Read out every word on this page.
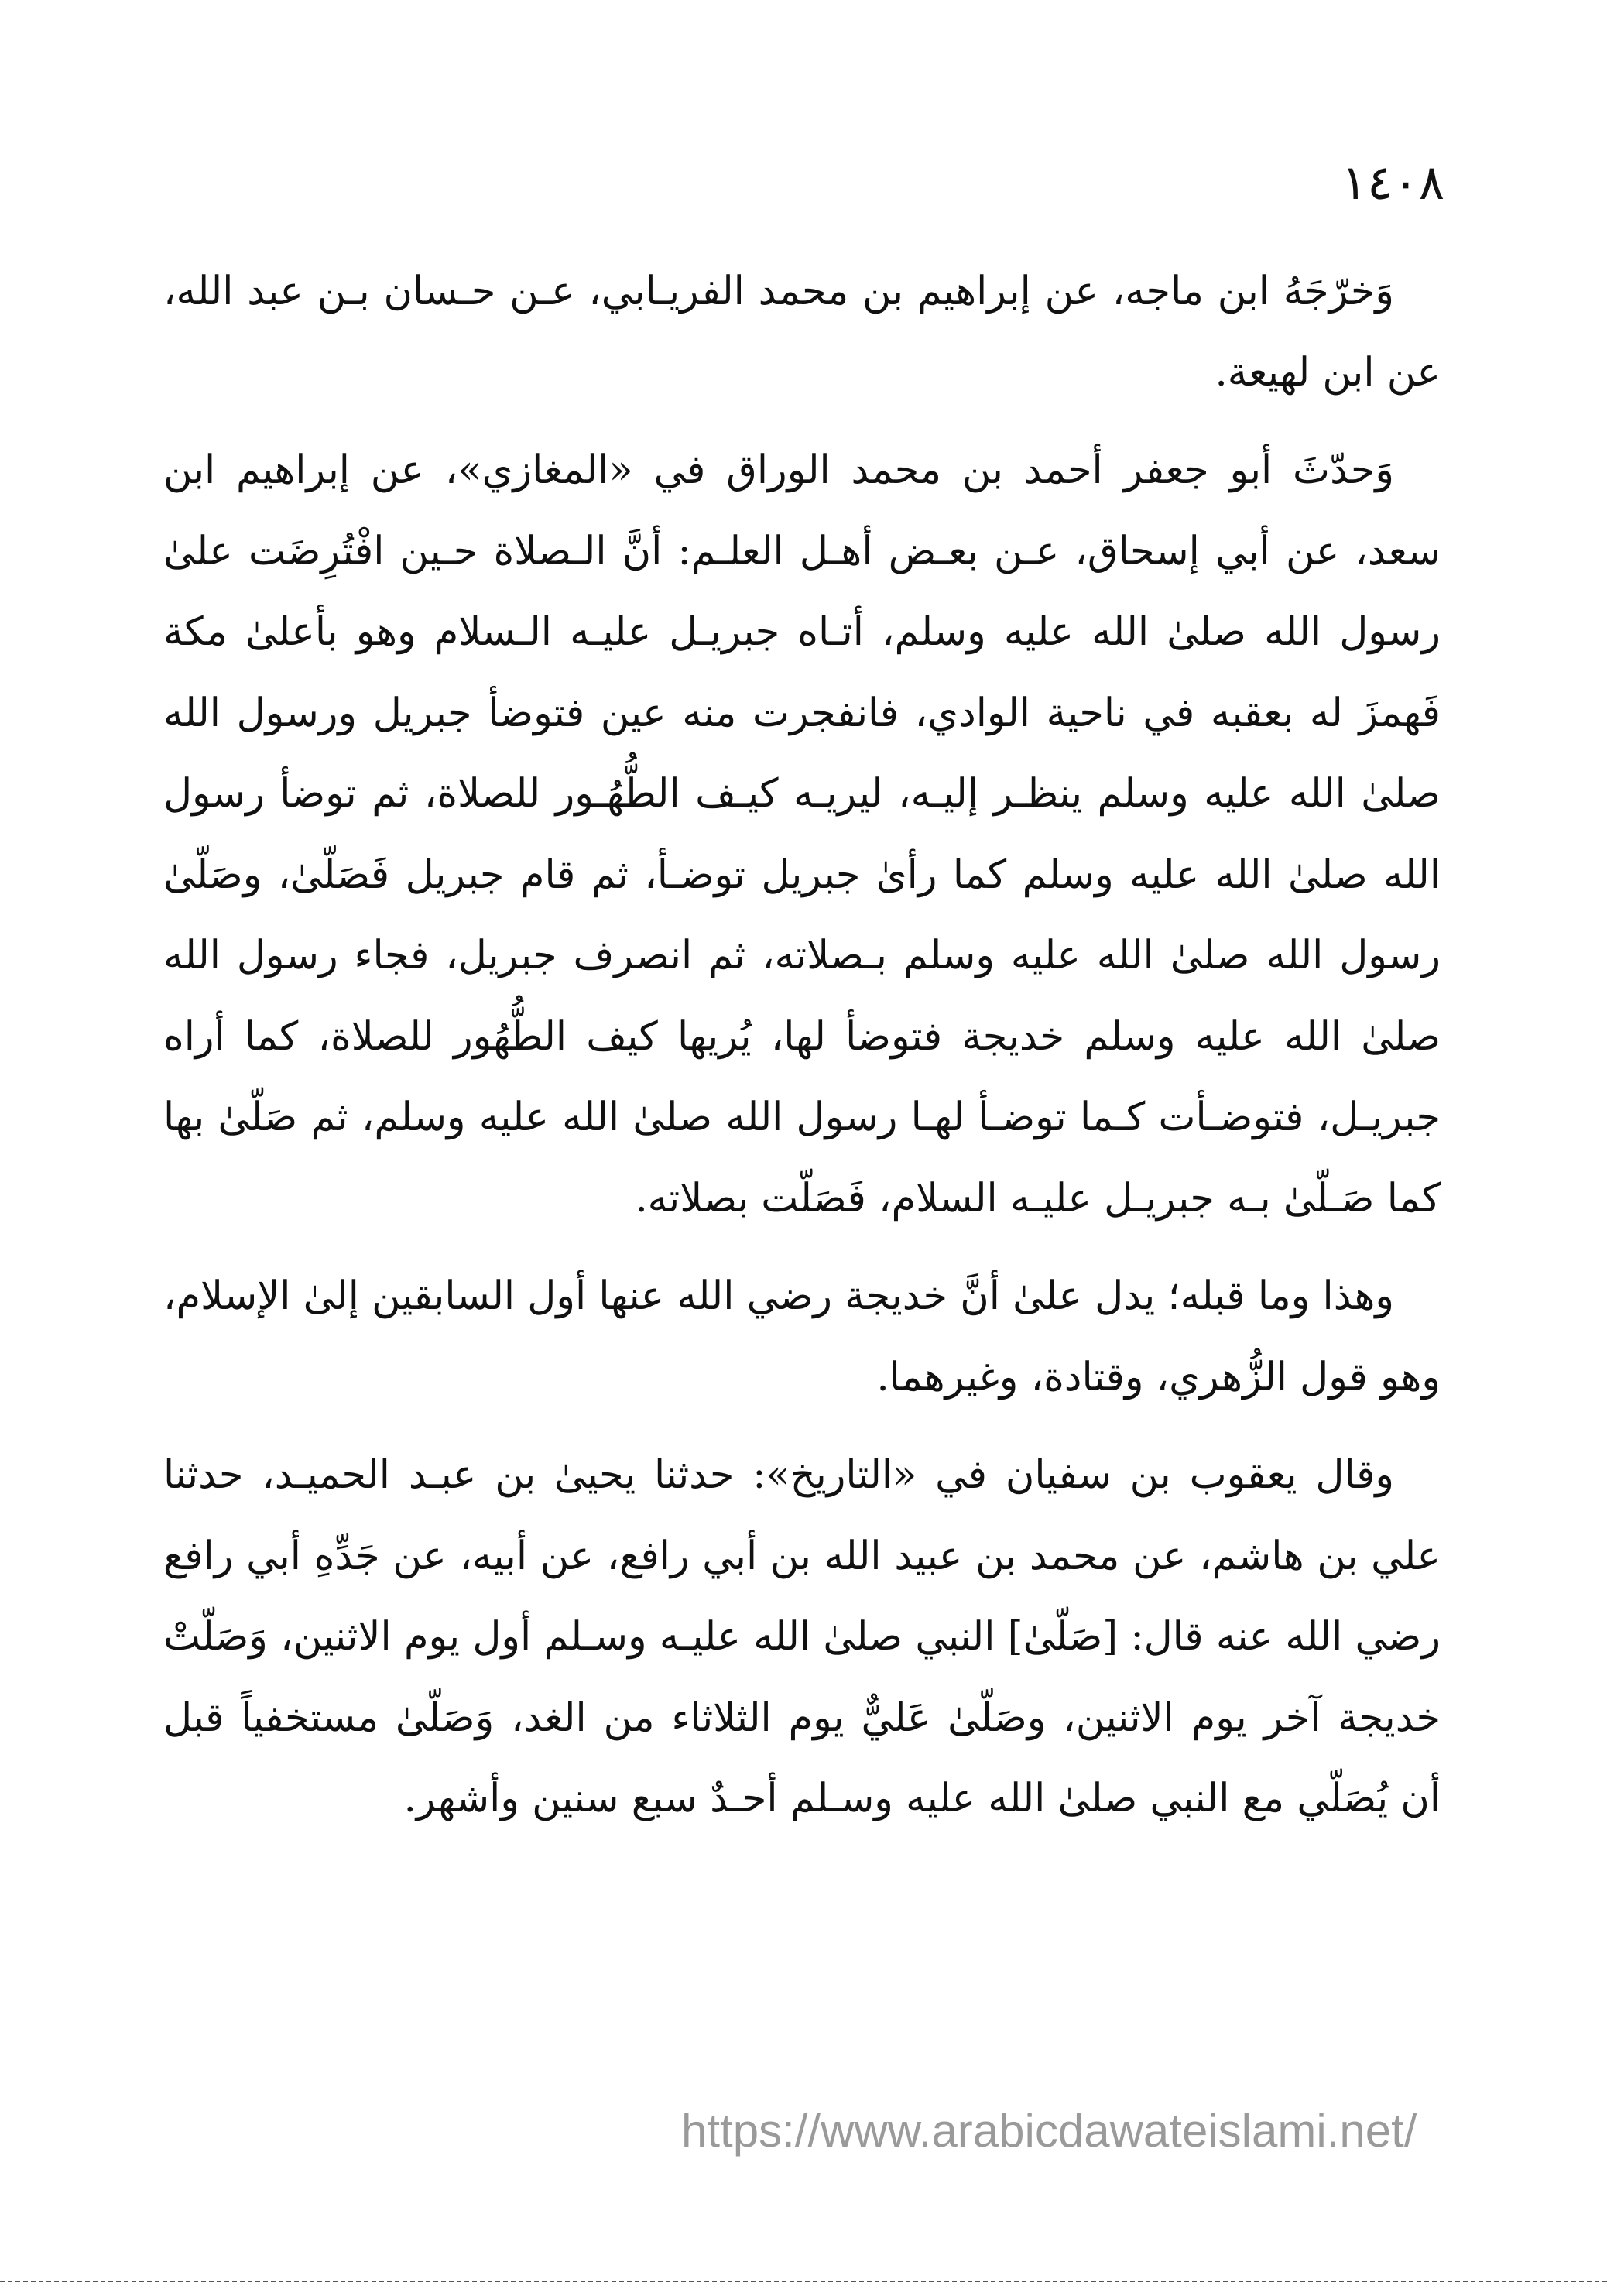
١٤٠٨

وَخرّجَهُ ابن ماجه، عن إبراهيم بن محمد الفريـابي، عـن حـسان بـن عبد الله، عن ابن لهيعة.

وَحدّثَ أبو جعفر أحمد بن محمد الوراق في «المغازي»، عن إبراهيم ابن سعد، عن أبي إسحاق، عـن بعـض أهـل العلـم: أنَّ الـصلاة حـين افْتُرِضَت علىٰ رسول الله صلىٰ الله عليه وسلم، أتـاه جبريـل عليـه الـسلام وهو بأعلىٰ مكة فَهمزَ له بعقبه في ناحية الوادي، فانفجرت منه عين فتوضأ جبريل ورسول الله صلىٰ الله عليه وسلم ينظـر إليـه، ليريـه كيـف الطُّهُـور للصلاة، ثم توضأ رسول الله صلىٰ الله عليه وسلم كما رأىٰ جبريل توضـأ، ثم قام جبريل فَصَلّىٰ، وصَلّىٰ رسول الله صلىٰ الله عليه وسلم بـصلاته، ثم انصرف جبريل، فجاء رسول الله صلىٰ الله عليه وسلم خديجة فتوضأ لها، يُريها كيف الطُّهُور للصلاة، كما أراه جبريـل، فتوضـأت كـما توضـأ لهـا رسول الله صلىٰ الله عليه وسلم، ثم صَلّىٰ بها كما صَـلّىٰ بـه جبريـل عليـه السلام، فَصَلّت بصلاته.

وهذا وما قبله؛ يدل علىٰ أنَّ خديجة رضي الله عنها أول السابقين إلىٰ الإسلام، وهو قول الزُّهري، وقتادة، وغيرهما.

وقال يعقوب بن سفيان في «التاريخ»: حدثنا يحيىٰ بن عبـد الحميـد، حدثنا علي بن هاشم، عن محمد بن عبيد الله بن أبي رافع، عن أبيه، عن جَدِّهِ أبي رافع رضي الله عنه قال: [صَلّىٰ] النبي صلىٰ الله عليـه وسـلم أول يوم الاثنين، وَصَلّتْ خديجة آخر يوم الاثنين، وصَلّىٰ عَليٌّ يوم الثلاثاء من الغد، وَصَلّىٰ مستخفياً قبل أن يُصَلّي مع النبي صلىٰ الله عليه وسـلم أحـدٌ سبع سنين وأشهر.

https://www.arabicdawateislami.net/
